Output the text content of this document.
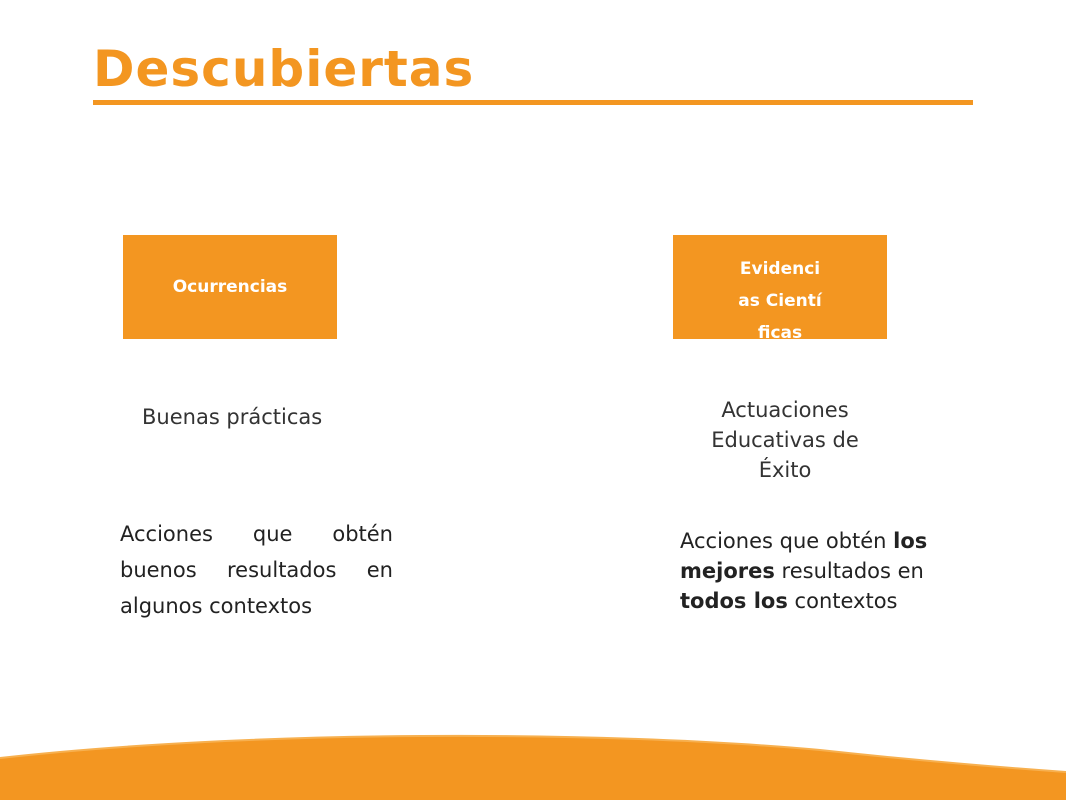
Descubiertas
Ocurrencias
Evidencias Científicas
Buenas prácticas	Actuaciones Educativas de Éxito
Acciones que obtén buenos resultados en algunos contextos
Acciones que obtén los mejores resultados en
todos los contextos
